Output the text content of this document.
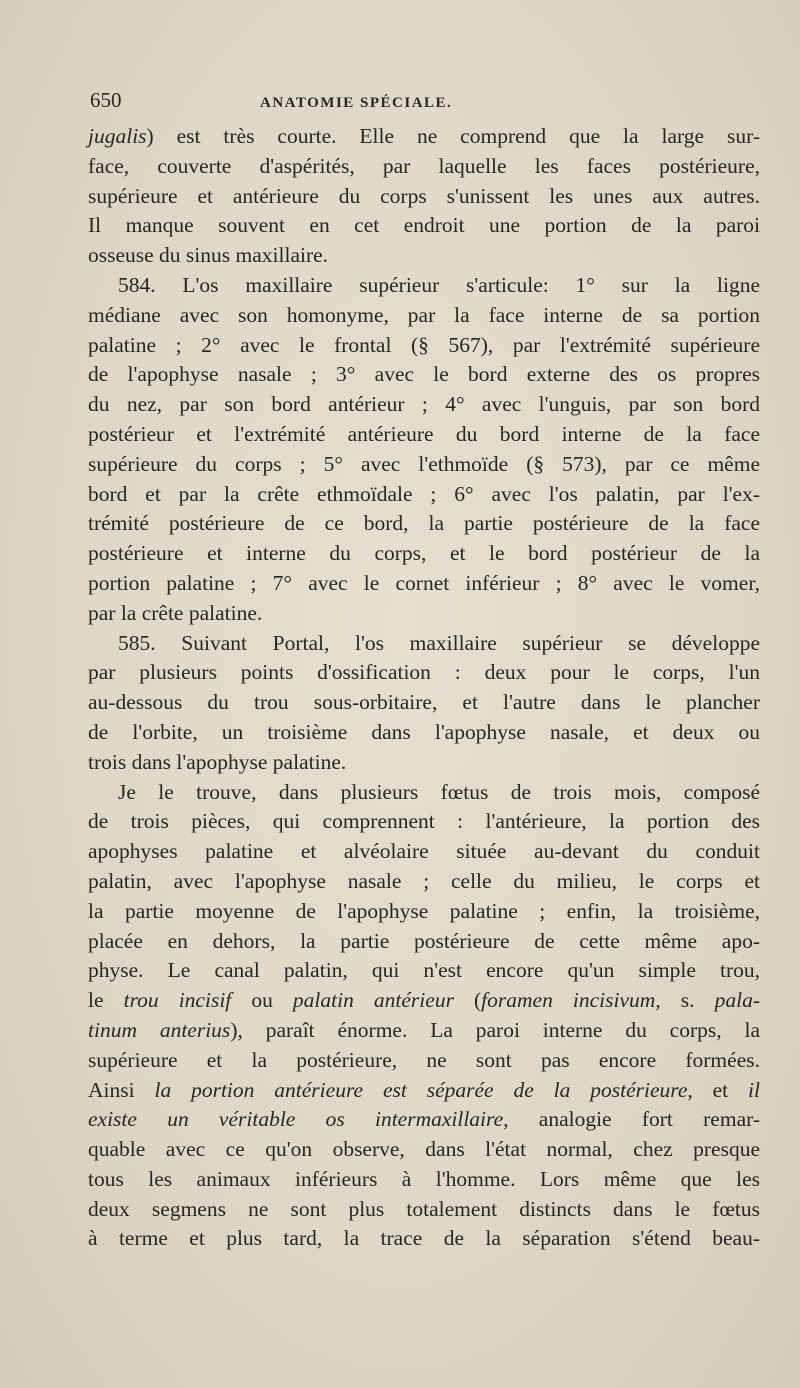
650	ANATOMIE SPÉCIALE.
jugalis) est très courte. Elle ne comprend que la large sur-
face, couverte d'aspérités, par laquelle les faces postérieure,
supérieure et antérieure du corps s'unissent les unes aux autres.
Il manque souvent en cet endroit une portion de la paroi
osseuse du sinus maxillaire.
584. L'os maxillaire supérieur s'articule: 1° sur la ligne
médiane avec son homonyme, par la face interne de sa portion
palatine ; 2° avec le frontal (§ 567), par l'extrémité supérieure
de l'apophyse nasale ; 3° avec le bord externe des os propres
du nez, par son bord antérieur ; 4° avec l'unguis, par son bord
postérieur et l'extrémité antérieure du bord interne de la face
supérieure du corps ; 5° avec l'ethmoïde (§ 573), par ce même
bord et par la crête ethmoïdale ; 6° avec l'os palatin, par l'ex-
trémité postérieure de ce bord, la partie postérieure de la face
postérieure et interne du corps, et le bord postérieur de la
portion palatine ; 7° avec le cornet inférieur ; 8° avec le vomer,
par la crête palatine.
585. Suivant Portal, l'os maxillaire supérieur se développe
par plusieurs points d'ossification : deux pour le corps, l'un
au-dessous du trou sous-orbitaire, et l'autre dans le plancher
de l'orbite, un troisième dans l'apophyse nasale, et deux ou
trois dans l'apophyse palatine.
Je le trouve, dans plusieurs fœtus de trois mois, composé
de trois pièces, qui comprennent : l'antérieure, la portion des
apophyses palatine et alvéolaire située au-devant du conduit
palatin, avec l'apophyse nasale ; celle du milieu, le corps et
la partie moyenne de l'apophyse palatine ; enfin, la troisième,
placée en dehors, la partie postérieure de cette même apo-
physe. Le canal palatin, qui n'est encore qu'un simple trou,
le trou incisif ou palatin antérieur (foramen incisivum, s. pala-
tinum anterius), paraît énorme. La paroi interne du corps, la
supérieure et la postérieure, ne sont pas encore formées.
Ainsi la portion antérieure est séparée de la postérieure, et il
existe un véritable os intermaxillaire, analogie fort remar-
quable avec ce qu'on observe, dans l'état normal, chez presque
tous les animaux inférieurs à l'homme. Lors même que les
deux segmens ne sont plus totalement distincts dans le fœtus
à terme et plus tard, la trace de la séparation s'étend beau-
